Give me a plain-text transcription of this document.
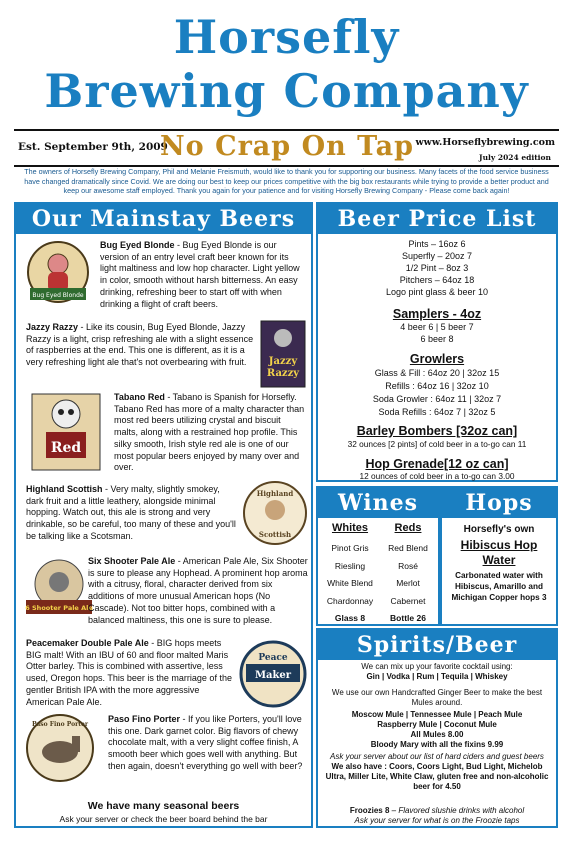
Horsefly
Brewing Company
Est. September 9th, 2009
No Crap On Tap www.Horseflybrewing.com
July 2024 edition
The owners of Horsefly Brewing Company, Phil and Melanie Freismuth, would like to thank you for supporting our business. Many facets of the food service business have changed dramatically since Covid. We are doing our best to keep our prices competitive with the big box restaurants while trying to provide a better product and keep our awesome staff employed. Thank you again for your patience and for visiting Horsefly Brewing Company - Please come back again!
Our Mainstay Beers
Bug Eyed Blonde
Bug Eyed Blonde - Bug Eyed Blonde is our version of an entry level craft beer known for its light maltiness and low hop character. Light yellow in color, smooth without harsh bitterness. An easy drinking, refreshing beer to start off with when drinking a flight of craft beers.
Jazzy Razzy - Like its cousin, Bug Eyed Blonde, Jazzy Razzy is a light, crisp refreshing ale with a slight essence of raspberries at the end. This one is different, as it is a very refreshing light ale that's not overbearing with fruit.	Jazzy
Razzy
Red
Tabano Red - Tabano is Spanish for Horsefly. Tabano Red has more of a malty character than most red beers utilizing crystal and biscuit malts, along with a restrained hop profile. This silky smooth, Irish style red ale is one of our most popular beers enjoyed by many over and over.
Highland Scottish - Very malty, slightly smokey, dark fruit and a little leathery, alongside minimal hopping. Watch out, this ale is strong and very drinkable, so be careful, too many of these and you'll be talking like a Scotsman.
Highland
Scottish
6 Shooter Pale Ale
Six Shooter Pale Ale - American Pale Ale, Six Shooter is sure to please any Hophead. A prominent hop aroma with a citrusy, floral, character derived from six additions of more unusual American hops (No Cascade). Not too bitter hops, combined with a balanced maltiness, this one is sure to please.
Peacemaker Double Pale Ale - BIG hops meets BIG malt! With an IBU of 60 and floor malted Maris Otter barley. This is combined with assertive, less used, Oregon hops. This beer is the marriage of the gentler British IPA with the more aggressive American Pale Ale.
Peace
Maker
Paso Fino Porter
Paso Fino Porter - If you like Porters, you'll love this one. Dark garnet color. Big flavors of chewy chocolate malt, with a very slight coffee finish, A smooth beer which goes well with anything. But then again, doesn't everything go well with beer?
We have many seasonal beers
Ask your server or check the beer board behind the bar
Beer Price List
Pints – 16oz 6
Superfly – 20oz 7
1/2 Pint – 8oz 3
Pitchers – 64oz 18
Logo pint glass & beer 10
Samplers - 4oz
4 beer 6 | 5 beer 7
6 beer 8
Growlers
Glass & Fill : 64oz 20 | 32oz 15
Refills : 64oz 16 | 32oz 10
Soda Growler : 64oz 11 | 32oz 7
Soda Refills : 64oz 7 | 32oz 5
Barley Bombers [32oz can]
32 ounces [2 pints] of cold beer in a to-go can 11
Hop Grenade[12 oz can]
12 ounces of cold beer in a to-go can 3.00
Wines
Whites
Pinot Gris
Riesling
White Blend
Chardonnay
Glass 8
Reds
Red Blend
Rosé
Merlot
Cabernet
Bottle 26
Hops
Horsefly's own
Hibiscus Hop Water
Carbonated water with Hibiscus, Amarillo and Michigan Copper hops 3
Spirits/Beer
We can mix up your favorite cocktail using:
Gin | Vodka | Rum | Tequila | Whiskey
We use our own Handcrafted Ginger Beer to make the best Mules around.
Moscow Mule | Tennessee Mule | Peach Mule
Raspberry Mule | Coconut Mule
All Mules 8.00
Bloody Mary with all the fixins 9.99
Ask your server about our list of hard ciders and guest beers
We also have : Coors, Coors Light, Bud Light, Michelob Ultra, Miller Lite, White Claw, gluten free and non-alcoholic beer for 4.50
Froozies 8 – Flavored slushie drinks with alcohol
Ask your server for what is on the Froozie taps
